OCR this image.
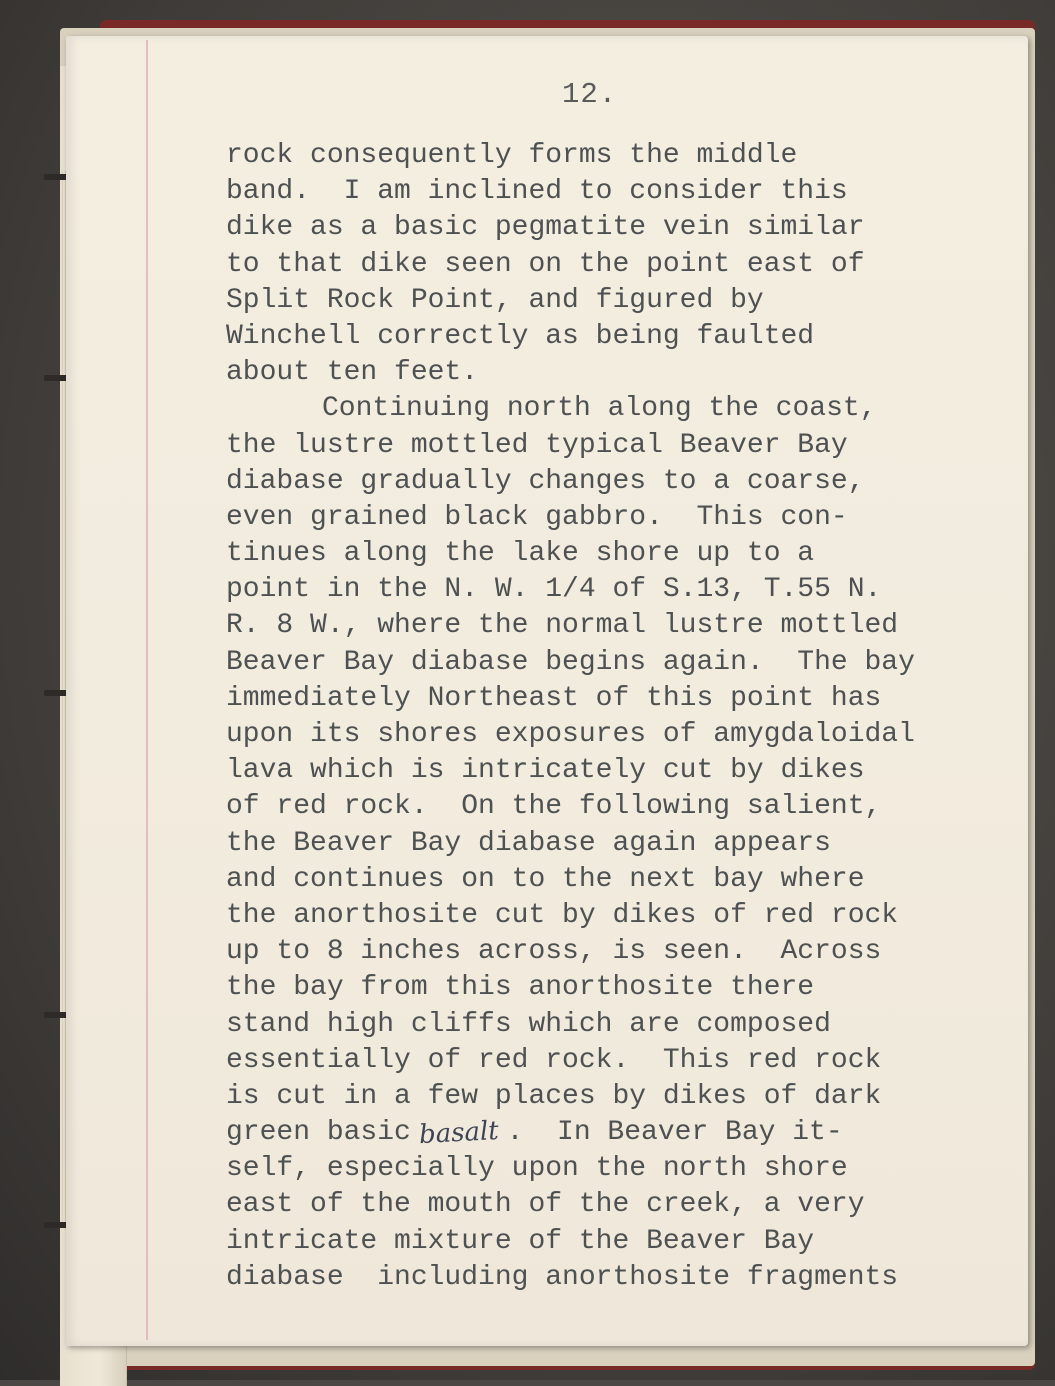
12.
rock consequently forms the middle
band.  I am inclined to consider this
dike as a basic pegmatite vein similar
to that dike seen on the point east of
Split Rock Point, and figured by
Winchell correctly as being faulted
about ten feet.
Continuing north along the coast,
the lustre mottled typical Beaver Bay
diabase gradually changes to a coarse,
even grained black gabbro.  This con-
tinues along the lake shore up to a
point in the N. W. 1/4 of S.13, T.55 N.
R. 8 W., where the normal lustre mottled
Beaver Bay diabase begins again.  The bay
immediately Northeast of this point has
upon its shores exposures of amygdaloidal
lava which is intricately cut by dikes
of red rock.  On the following salient,
the Beaver Bay diabase again appears
and continues on to the next bay where
the anorthosite cut by dikes of red rock
up to 8 inches across, is seen.  Across
the bay from this anorthosite there
stand high cliffs which are composed
essentially of red rock.  This red rock
is cut in a few places by dikes of dark
green basic basalt .  In Beaver Bay it-
self, especially upon the north shore
east of the mouth of the creek, a very
intricate mixture of the Beaver Bay
diabase  including anorthosite fragments
